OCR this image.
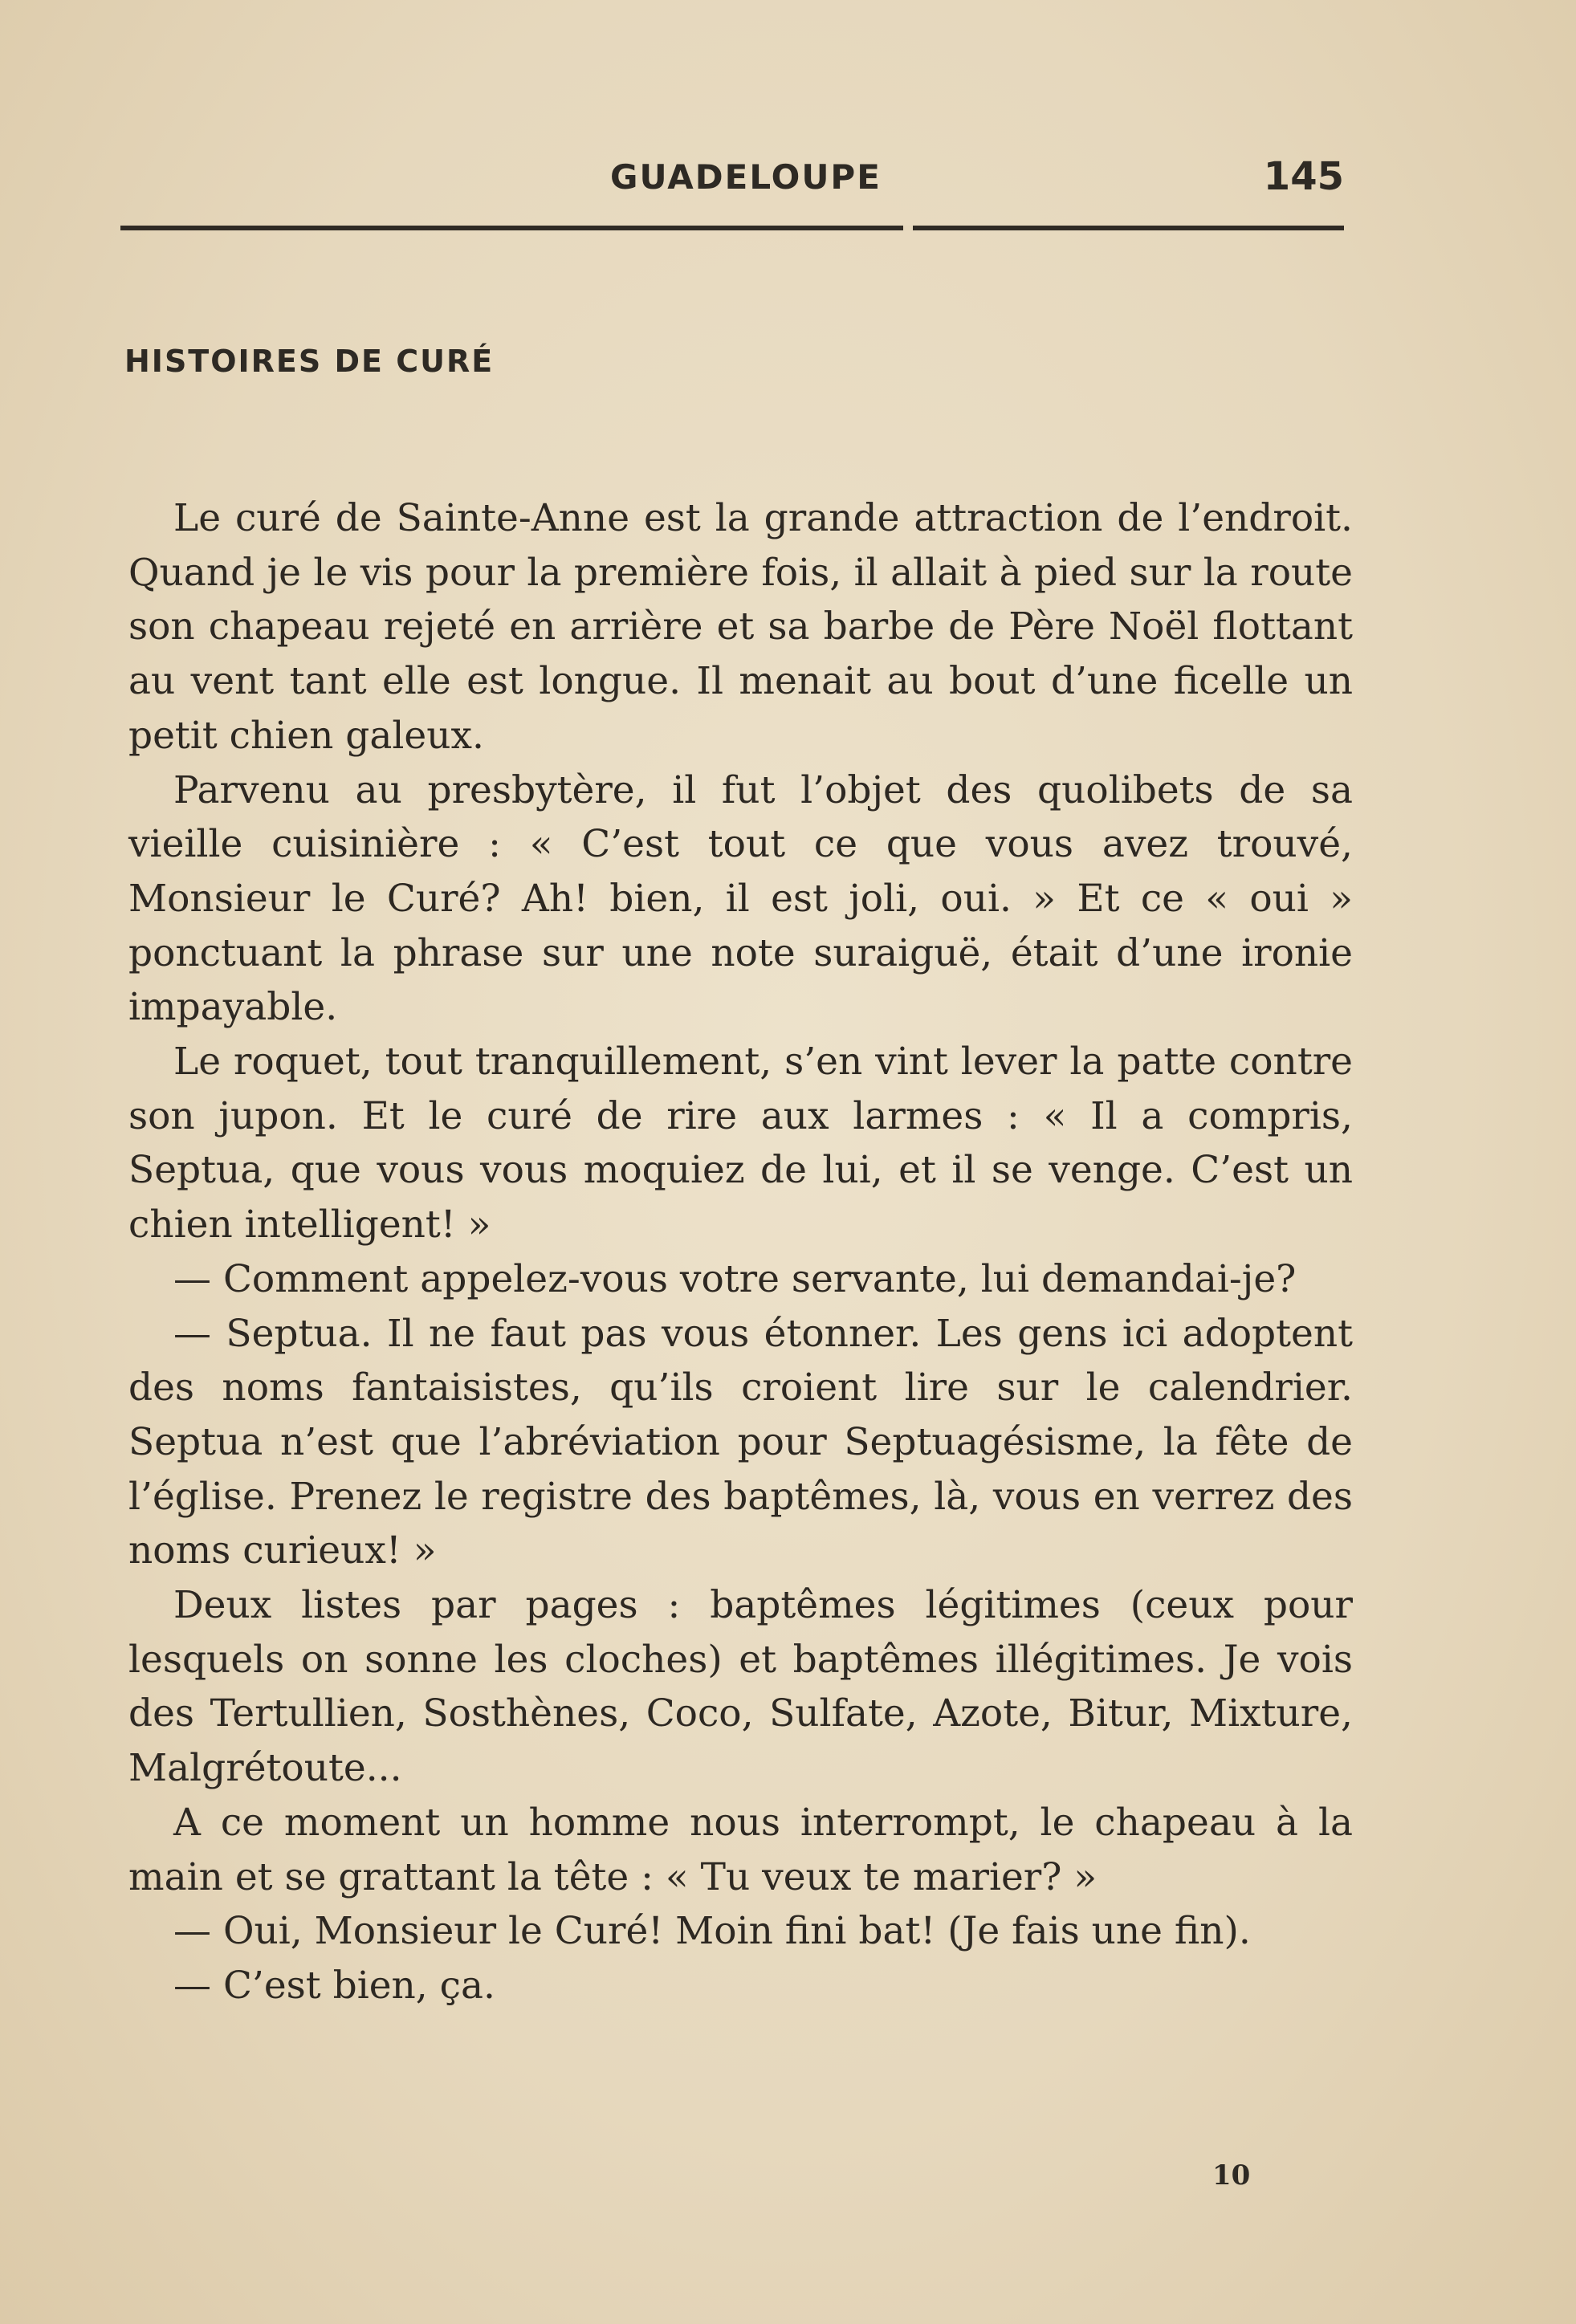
GUADELOUPE	145
HISTOIRES DE CURÉ

Le curé de Sainte-Anne est la grande attraction de l’endroit. Quand je le vis pour la première fois, il allait à pied sur la route son chapeau rejeté en arrière et sa barbe de Père Noël flottant au vent tant elle est longue. Il menait au bout d’une ficelle un petit chien galeux.

Parvenu au presbytère, il fut l’objet des quolibets de sa vieille cuisinière : « C’est tout ce que vous avez trouvé, Monsieur le Curé? Ah! bien, il est joli, oui. » Et ce « oui » ponctuant la phrase sur une note suraiguë, était d’une ironie impayable.

Le roquet, tout tranquillement, s’en vint lever la patte contre son jupon. Et le curé de rire aux larmes : « Il a compris, Septua, que vous vous moquiez de lui, et il se venge. C’est un chien intelligent! »

— Comment appelez-vous votre servante, lui demandai-je?

— Septua. Il ne faut pas vous étonner. Les gens ici adoptent des noms fantaisistes, qu’ils croient lire sur le calendrier. Septua n’est que l’abréviation pour Septuagésisme, la fête de l’église. Prenez le registre des baptêmes, là, vous en verrez des noms curieux! »

Deux listes par pages : baptêmes légitimes (ceux pour lesquels on sonne les cloches) et baptêmes illégitimes. Je vois des Tertullien, Sosthènes, Coco, Sulfate, Azote, Bitur, Mixture, Malgrétoute...

A ce moment un homme nous interrompt, le chapeau à la main et se grattant la tête : « Tu veux te marier? »

— Oui, Monsieur le Curé! Moin fini bat! (Je fais une fin).

— C’est bien, ça.

10
